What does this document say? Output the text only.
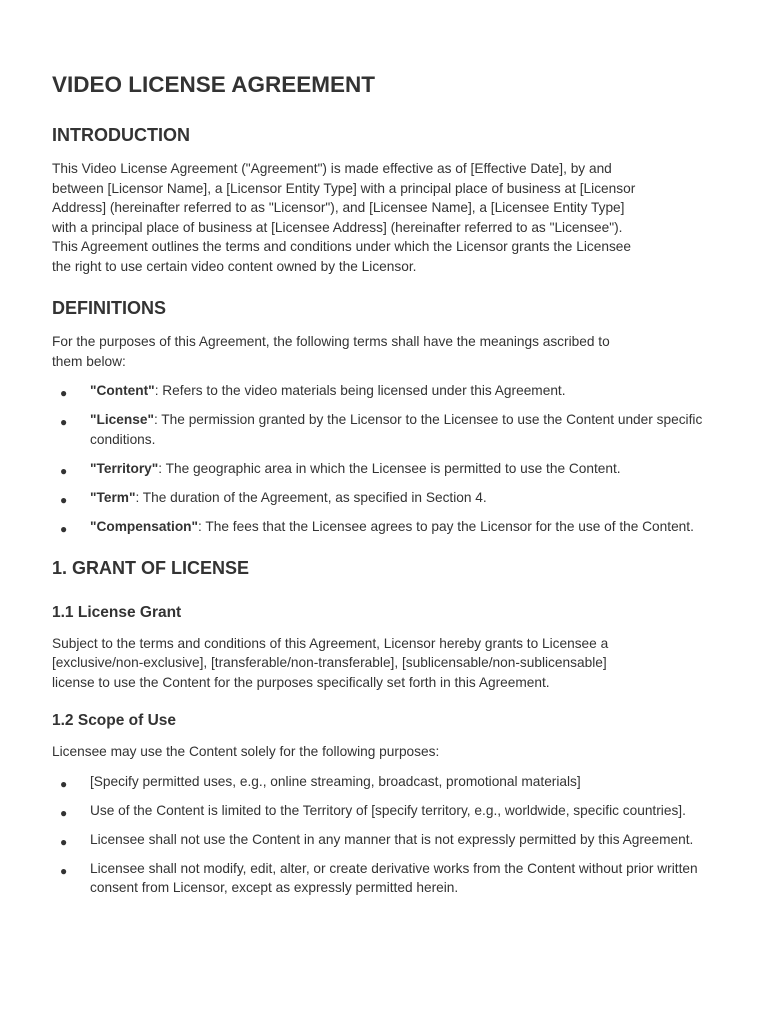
VIDEO LICENSE AGREEMENT
INTRODUCTION

This Video License Agreement ("Agreement") is made effective as of [Effective Date], by and
between [Licensor Name], a [Licensor Entity Type] with a principal place of business at [Licensor
Address] (hereinafter referred to as "Licensor"), and [Licensee Name], a [Licensee Entity Type]
with a principal place of business at [Licensee Address] (hereinafter referred to as "Licensee").
This Agreement outlines the terms and conditions under which the Licensor grants the Licensee
the right to use certain video content owned by the Licensor.

DEFINITIONS

For the purposes of this Agreement, the following terms shall have the meanings ascribed to
them below:

● "Content": Refers to the video materials being licensed under this Agreement.
● "License": The permission granted by the Licensor to the Licensee to use the Content under specific conditions.
● "Territory": The geographic area in which the Licensee is permitted to use the Content.
● "Term": The duration of the Agreement, as specified in Section 4.
● "Compensation": The fees that the Licensee agrees to pay the Licensor for the use of the Content.
1. GRANT OF LICENSE
1.1 License Grant

Subject to the terms and conditions of this Agreement, Licensor hereby grants to Licensee a
[exclusive/non-exclusive], [transferable/non-transferable], [sublicensable/non-sublicensable]
license to use the Content for the purposes specifically set forth in this Agreement.

1.2 Scope of Use

Licensee may use the Content solely for the following purposes:

● [Specify permitted uses, e.g., online streaming, broadcast, promotional materials]
● Use of the Content is limited to the Territory of [specify territory, e.g., worldwide, specific countries].
● Licensee shall not use the Content in any manner that is not expressly permitted by this Agreement.
● Licensee shall not modify, edit, alter, or create derivative works from the Content without prior written consent from Licensor, except as expressly permitted herein.
